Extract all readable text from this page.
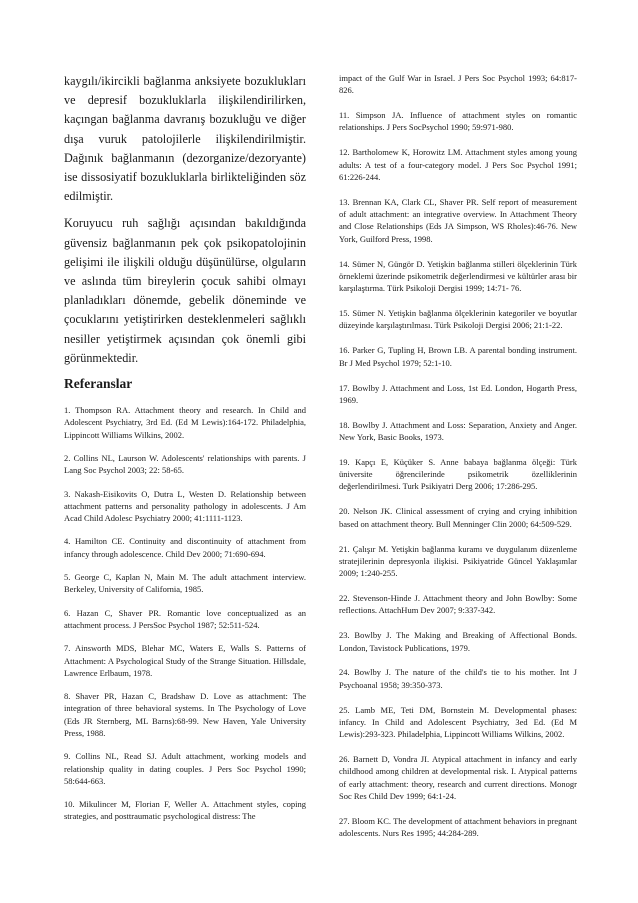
kaygılı/ikircikli bağlanma anksiyete bozuklukları ve depresif bozukluklarla ilişkilendirilirken, kaçıngan bağlanma davranış bozukluğu ve diğer dışa vuruk patolojilerle ilişkilendirilmiştir. Dağınık bağlanmanın (dezorganize/dezoryante) ise dissosiyatif bozukluklarla birlikteliğinden söz edilmiştir.

Koruyucu ruh sağlığı açısından bakıldığında güvensiz bağlanmanın pek çok psikopatolojinin gelişimi ile ilişkili olduğu düşünülürse, olguların ve aslında tüm bireylerin çocuk sahibi olmayı planladıkları dönemde, gebelik döneminde ve çocuklarını yetiştirirken desteklenmeleri sağlıklı nesiller yetiştirmek açısından çok önemli gibi görünmektedir.

Referanslar

1. Thompson RA. Attachment theory and research. In Child and Adolescent Psychiatry, 3rd Ed. (Ed M Lewis):164-172. Philadelphia, Lippincott Williams Wilkins, 2002.

2. Collins NL, Laurson W. Adolescents' relationships with parents. J Lang Soc Psychol 2003; 22: 58-65.

3. Nakash-Eisikovits O, Dutra L, Westen D. Relationship between attachment patterns and personality pathology in adolescents. J Am Acad Child Adolesc Psychiatry 2000; 41:1111-1123.

4. Hamilton CE. Continuity and discontinuity of attachment from infancy through adolescence. Child Dev 2000; 71:690-694.

5. George C, Kaplan N, Main M. The adult attachment interview. Berkeley, University of California, 1985.

6. Hazan C, Shaver PR. Romantic love conceptualized as an attachment process. J PersSoc Psychol 1987; 52:511-524.

7. Ainsworth MDS, Blehar MC, Waters E, Walls S. Patterns of Attachment: A Psychological Study of the Strange Situation. Hillsdale, Lawrence Erlbaum, 1978.

8. Shaver PR, Hazan C, Bradshaw D. Love as attachment: The integration of three behavioral systems. In The Psychology of Love (Eds JR Sternberg, ML Barns):68-99. New Haven, Yale University Press, 1988.

9. Collins NL, Read SJ. Adult attachment, working models and relationship quality in dating couples. J Pers Soc Psychol 1990; 58:644-663.

10. Mikulincer M, Florian F, Weller A. Attachment styles, coping strategies, and posttraumatic psychological distress: The

impact of the Gulf War in Israel. J Pers Soc Psychol 1993; 64:817-826.

11. Simpson JA. Influence of attachment styles on romantic relationships. J Pers SocPsychol 1990; 59:971-980.

12. Bartholomew K, Horowitz LM. Attachment styles among young adults: A test of a four-category model. J Pers Soc Psychol 1991; 61:226-244.

13. Brennan KA, Clark CL, Shaver PR. Self report of measurement of adult attachment: an integrative overview. In Attachment Theory and Close Relationships (Eds JA Simpson, WS Rholes):46-76. New York, Guilford Press, 1998.

14. Sümer N, Güngör D. Yetişkin bağlanma stilleri ölçeklerinin Türk örneklemi üzerinde psikometrik değerlendirmesi ve kültürler arası bir karşılaştırma. Türk Psikoloji Dergisi 1999; 14:71- 76.

15. Sümer N. Yetişkin bağlanma ölçeklerinin kategoriler ve boyutlar düzeyinde karşılaştırılması. Türk Psikoloji Dergisi 2006; 21:1-22.

16. Parker G, Tupling H, Brown LB. A parental bonding instrument. Br J Med Psychol 1979; 52:1-10.

17. Bowlby J. Attachment and Loss, 1st Ed. London, Hogarth Press, 1969.

18. Bowlby J. Attachment and Loss: Separation, Anxiety and Anger. New York, Basic Books, 1973.

19. Kapçı E, Küçüker S. Anne babaya bağlanma ölçeği: Türk üniversite öğrencilerinde psikometrik özelliklerinin değerlendirilmesi. Turk Psikiyatri Derg 2006; 17:286-295.

20. Nelson JK. Clinical assessment of crying and crying inhibition based on attachment theory. Bull Menninger Clin 2000; 64:509-529.

21. Çalışır M. Yetişkin bağlanma kuramı ve duygulanım düzenleme stratejilerinin depresyonla ilişkisi. Psikiyatride Güncel Yaklaşımlar 2009; 1:240-255.

22. Stevenson-Hinde J. Attachment theory and John Bowlby: Some reflections. AttachHum Dev 2007; 9:337-342.

23. Bowlby J. The Making and Breaking of Affectional Bonds. London, Tavistock Publications, 1979.

24. Bowlby J. The nature of the child's tie to his mother. Int J Psychoanal 1958; 39:350-373.

25. Lamb ME, Teti DM, Bornstein M. Developmental phases: infancy. In Child and Adolescent Psychiatry, 3ed Ed. (Ed M Lewis):293-323. Philadelphia, Lippincott Williams Wilkins, 2002.

26. Barnett D, Vondra JI. Atypical attachment in infancy and early childhood among children at developmental risk. I. Atypical patterns of early attachment: theory, research and current directions. Monogr Soc Res Child Dev 1999; 64:1-24.

27. Bloom KC. The development of attachment behaviors in pregnant adolescents. Nurs Res 1995; 44:284-289.
